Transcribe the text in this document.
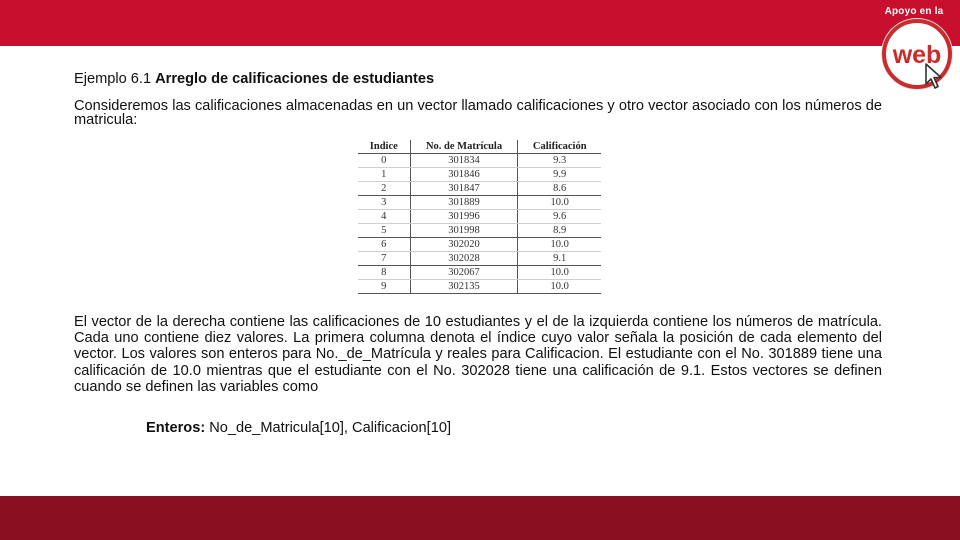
Apoyo en la
web
Ejemplo 6.1 Arreglo de calificaciones de estudiantes
Consideremos las calificaciones almacenadas en un vector llamado calificaciones y otro vector asociado con los números de matricula:
Indice	No. de Matrícula	Calificación
0	301834	9.3
1	301846	9.9
2	301847	8.6
3	301889	10.0
4	301996	9.6
5	301998	8.9
6	302020	10.0
7	302028	9.1
8	302067	10.0
9	302135	10.0
El vector de la derecha contiene las calificaciones de 10 estudiantes y el de la izquierda contiene los números de matrícula. Cada uno contiene diez valores. La primera columna denota el índice cuyo valor señala la posición de cada elemento del vector. Los valores son enteros para No._de_Matrícula y reales para Calificacion. El estudiante con el No. 301889 tiene una calificación de 10.0 mientras que el estudiante con el No. 302028 tiene una calificación de 9.1. Estos vectores se definen cuando se definen las variables como
Enteros: No_de_Matricula[10], Calificacion[10]
